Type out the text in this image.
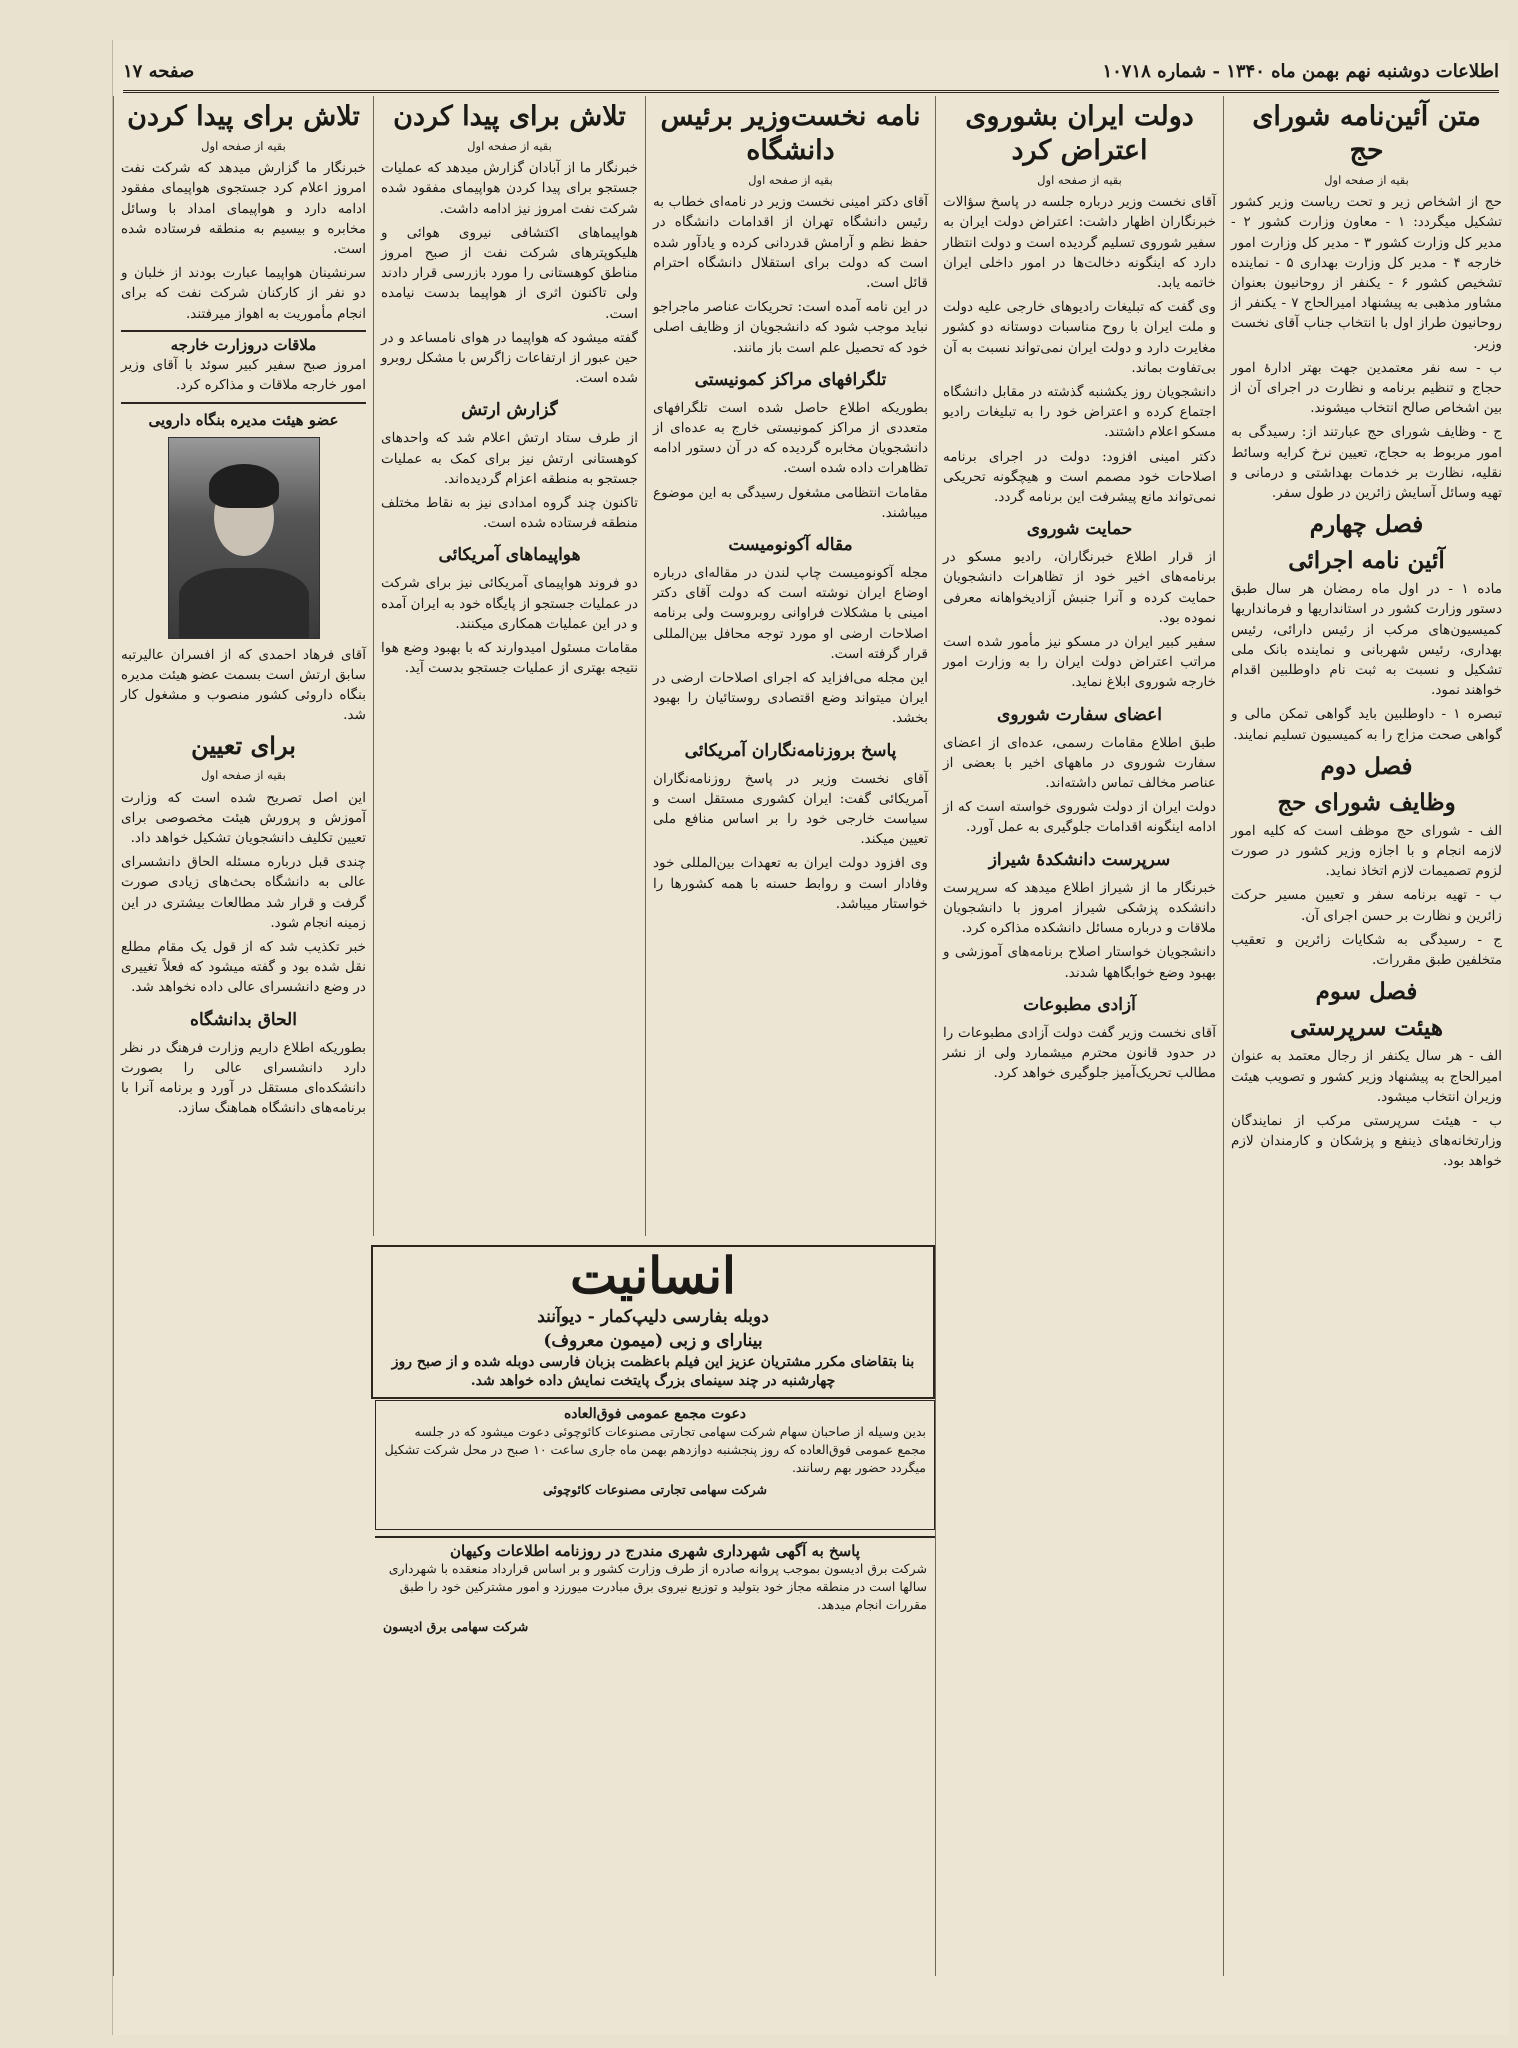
اطلاعات دوشنبه نهم بهمن ماه ۱۳۴۰ - شماره ۱۰۷۱۸
صفحه ۱۷
متن آئین‌نامه شورای حج
بقیه از صفحه اول

حج از اشخاص زیر و تحت ریاست وزیر کشور تشکیل میگردد: ۱ - معاون وزارت کشور ۲ - مدیر کل وزارت کشور ۳ - مدیر کل وزارت امور خارجه ۴ - مدیر کل وزارت بهداری ۵ - نماینده تشخیص کشور ۶ - یکنفر از روحانیون بعنوان مشاور مذهبی به پیشنهاد امیرالحاج ۷ - یکنفر از روحانیون طراز اول با انتخاب جناب آقای نخست وزیر.

ب - سه نفر معتمدین جهت بهتر ادارهٔ امور حجاج و تنظیم برنامه و نظارت در اجرای آن از بین اشخاص صالح انتخاب میشوند.

ج - وظایف شورای حج عبارتند از: رسیدگی به امور مربوط به حجاج، تعیین نرخ کرایه وسائط نقلیه، نظارت بر خدمات بهداشتی و درمانی و تهیه وسائل آسایش زائرین در طول سفر.

فصل چهارم
آئین نامه اجرائی

ماده ۱ - در اول ماه رمضان هر سال طبق دستور وزارت کشور در استانداریها و فرمانداریها کمیسیون‌های مرکب از رئیس دارائی، رئیس بهداری، رئیس شهربانی و نماینده بانک ملی تشکیل و نسبت به ثبت نام داوطلبین اقدام خواهند نمود.

تبصره ۱ - داوطلبین باید گواهی تمکن مالی و گواهی صحت مزاج را به کمیسیون تسلیم نمایند.

فصل دوم
وظایف شورای حج

الف - شورای حج موظف است که کلیه امور لازمه انجام و با اجازه وزیر کشور در صورت لزوم تصمیمات لازم اتخاذ نماید.

ب - تهیه برنامه سفر و تعیین مسیر حرکت زائرین و نظارت بر حسن اجرای آن.

ج - رسیدگی به شکایات زائرین و تعقیب متخلفین طبق مقررات.

فصل سوم
هیئت سرپرستی

الف - هر سال یکنفر از رجال معتمد به عنوان امیرالحاج به پیشنهاد وزیر کشور و تصویب هیئت وزیران انتخاب میشود.

ب - هیئت سرپرستی مرکب از نمایندگان وزارتخانه‌های ذینفع و پزشکان و کارمندان لازم خواهد بود.

دولت ایران بشوروی اعتراض کرد
بقیه از صفحه اول

آقای نخست وزیر درباره جلسه در پاسخ سؤالات خبرنگاران اظهار داشت: اعتراض دولت ایران به سفیر شوروی تسلیم گردیده است و دولت انتظار دارد که اینگونه دخالت‌ها در امور داخلی ایران خاتمه یابد.

وی گفت که تبلیغات رادیوهای خارجی علیه دولت و ملت ایران با روح مناسبات دوستانه دو کشور مغایرت دارد و دولت ایران نمی‌تواند نسبت به آن بی‌تفاوت بماند.

دانشجویان روز یکشنبه گذشته در مقابل دانشگاه اجتماع کرده و اعتراض خود را به تبلیغات رادیو مسکو اعلام داشتند.

دکتر امینی افزود: دولت در اجرای برنامه اصلاحات خود مصمم است و هیچگونه تحریکی نمی‌تواند مانع پیشرفت این برنامه گردد.

حمایت شوروی

از قرار اطلاع خبرنگاران، رادیو مسکو در برنامه‌های اخیر خود از تظاهرات دانشجویان حمایت کرده و آنرا جنبش آزادیخواهانه معرفی نموده بود.

سفیر کبیر ایران در مسکو نیز مأمور شده است مراتب اعتراض دولت ایران را به وزارت امور خارجه شوروی ابلاغ نماید.

اعضای سفارت شوروی

طبق اطلاع مقامات رسمی، عده‌ای از اعضای سفارت شوروی در ماههای اخیر با بعضی از عناصر مخالف تماس داشته‌اند.

دولت ایران از دولت شوروی خواسته است که از ادامه اینگونه اقدامات جلوگیری به عمل آورد.

سرپرست دانشکدهٔ شیراز

خبرنگار ما از شیراز اطلاع میدهد که سرپرست دانشکده پزشکی شیراز امروز با دانشجویان ملاقات و درباره مسائل دانشکده مذاکره کرد.

دانشجویان خواستار اصلاح برنامه‌های آموزشی و بهبود وضع خوابگاهها شدند.

آزادی مطبوعات

آقای نخست وزیر گفت دولت آزادی مطبوعات را در حدود قانون محترم میشمارد ولی از نشر مطالب تحریک‌آمیز جلوگیری خواهد کرد.

نامه نخست‌وزیر برئیس دانشگاه
بقیه از صفحه اول

آقای دکتر امینی نخست وزیر در نامه‌ای خطاب به رئیس دانشگاه تهران از اقدامات دانشگاه در حفظ نظم و آرامش قدردانی کرده و یادآور شده است که دولت برای استقلال دانشگاه احترام قائل است.

در این نامه آمده است: تحریکات عناصر ماجراجو نباید موجب شود که دانشجویان از وظایف اصلی خود که تحصیل علم است باز مانند.

تلگرافهای مراکز کمونیستی

بطوریکه اطلاع حاصل شده است تلگرافهای متعددی از مراکز کمونیستی خارج به عده‌ای از دانشجویان مخابره گردیده که در آن دستور ادامه تظاهرات داده شده است.

مقامات انتظامی مشغول رسیدگی به این موضوع میباشند.

مقاله آکونومیست

مجله آکونومیست چاپ لندن در مقاله‌ای درباره اوضاع ایران نوشته است که دولت آقای دکتر امینی با مشکلات فراوانی روبروست ولی برنامه اصلاحات ارضی او مورد توجه محافل بین‌المللی قرار گرفته است.

این مجله می‌افزاید که اجرای اصلاحات ارضی در ایران میتواند وضع اقتصادی روستائیان را بهبود بخشد.

پاسخ بروزنامه‌نگاران آمریکائی

آقای نخست وزیر در پاسخ روزنامه‌نگاران آمریکائی گفت: ایران کشوری مستقل است و سیاست خارجی خود را بر اساس منافع ملی تعیین میکند.

وی افزود دولت ایران به تعهدات بین‌المللی خود وفادار است و روابط حسنه با همه کشورها را خواستار میباشد.

تلاش برای پیدا کردن
بقیه از صفحه اول

خبرنگار ما از آبادان گزارش میدهد که عملیات جستجو برای پیدا کردن هواپیمای مفقود شده شرکت نفت امروز نیز ادامه داشت.

هواپیماهای اکتشافی نیروی هوائی و هلیکوپترهای شرکت نفت از صبح امروز مناطق کوهستانی را مورد بازرسی قرار دادند ولی تاکنون اثری از هواپیما بدست نیامده است.

گفته میشود که هواپیما در هوای نامساعد و در حین عبور از ارتفاعات زاگرس با مشکل روبرو شده است.

گزارش ارتش

از طرف ستاد ارتش اعلام شد که واحدهای کوهستانی ارتش نیز برای کمک به عملیات جستجو به منطقه اعزام گردیده‌اند.

تاکنون چند گروه امدادی نیز به نقاط مختلف منطقه فرستاده شده است.

هواپیماهای آمریکائی

دو فروند هواپیمای آمریکائی نیز برای شرکت در عملیات جستجو از پایگاه خود به ایران آمده و در این عملیات همکاری میکنند.

مقامات مسئول امیدوارند که با بهبود وضع هوا نتیجه بهتری از عملیات جستجو بدست آید.

تلاش برای پیدا کردن
بقیه از صفحه اول

خبرنگار ما گزارش میدهد که شرکت نفت امروز اعلام کرد جستجوی هواپیمای مفقود ادامه دارد و هواپیمای امداد با وسائل مخابره و بیسیم به منطقه فرستاده شده است.

سرنشینان هواپیما عبارت بودند از خلبان و دو نفر از کارکنان شرکت نفت که برای انجام مأموریت به اهواز میرفتند.

ملاقات دروزارت خارجه

امروز صبح سفیر کبیر سوئد با آقای وزیر امور خارجه ملاقات و مذاکره کرد.

عضو هیئت مدیره بنگاه دارویی

آقای فرهاد احمدی که از افسران عالیرتبه سابق ارتش است بسمت عضو هیئت مدیره بنگاه داروئی کشور منصوب و مشغول کار شد.

برای تعیین
بقیه از صفحه اول

این اصل تصریح شده است که وزارت آموزش و پرورش هیئت مخصوصی برای تعیین تکلیف دانشجویان تشکیل خواهد داد.

چندی قبل درباره مسئله الحاق دانشسرای عالی به دانشگاه بحث‌های زیادی صورت گرفت و قرار شد مطالعات بیشتری در این زمینه انجام شود.

خبر تکذیب شد که از قول یک مقام مطلع نقل شده بود و گفته میشود که فعلاً تغییری در وضع دانشسرای عالی داده نخواهد شد.

الحاق بدانشگاه

بطوریکه اطلاع داریم وزارت فرهنگ در نظر دارد دانشسرای عالی را بصورت دانشکده‌ای مستقل در آورد و برنامه آنرا با برنامه‌های دانشگاه هماهنگ سازد.

انسانیت
دوبله بفارسی دلیپ‌کمار - دیوآنند
بینارای و زبی (میمون معروف)
بنا بتقاضای مکرر مشتریان عزیز این فیلم باعظمت بزبان فارسی دوبله شده و از صبح روز چهارشنبه در چند سینمای بزرگ پایتخت نمایش داده خواهد شد.
دعوت مجمع عمومی فوق‌العاده

بدین وسیله از صاحبان سهام شرکت سهامی تجارتی مصنوعات کائوچوئی دعوت میشود که در جلسه مجمع عمومی فوق‌العاده که روز پنجشنبه دوازدهم بهمن ماه جاری ساعت ۱۰ صبح در محل شرکت تشکیل میگردد حضور بهم رسانند.

شرکت سهامی تجارتی مصنوعات کائوچوئی

پاسخ به آگهی شهرداری شهری مندرج در روزنامه اطلاعات وکیهان

شرکت برق ادیسون بموجب پروانه صادره از طرف وزارت کشور و بر اساس قرارداد منعقده با شهرداری سالها است در منطقه مجاز خود بتولید و توزیع نیروی برق مبادرت میورزد و امور مشترکین خود را طبق مقررات انجام میدهد.

شرکت سهامی برق ادیسون
